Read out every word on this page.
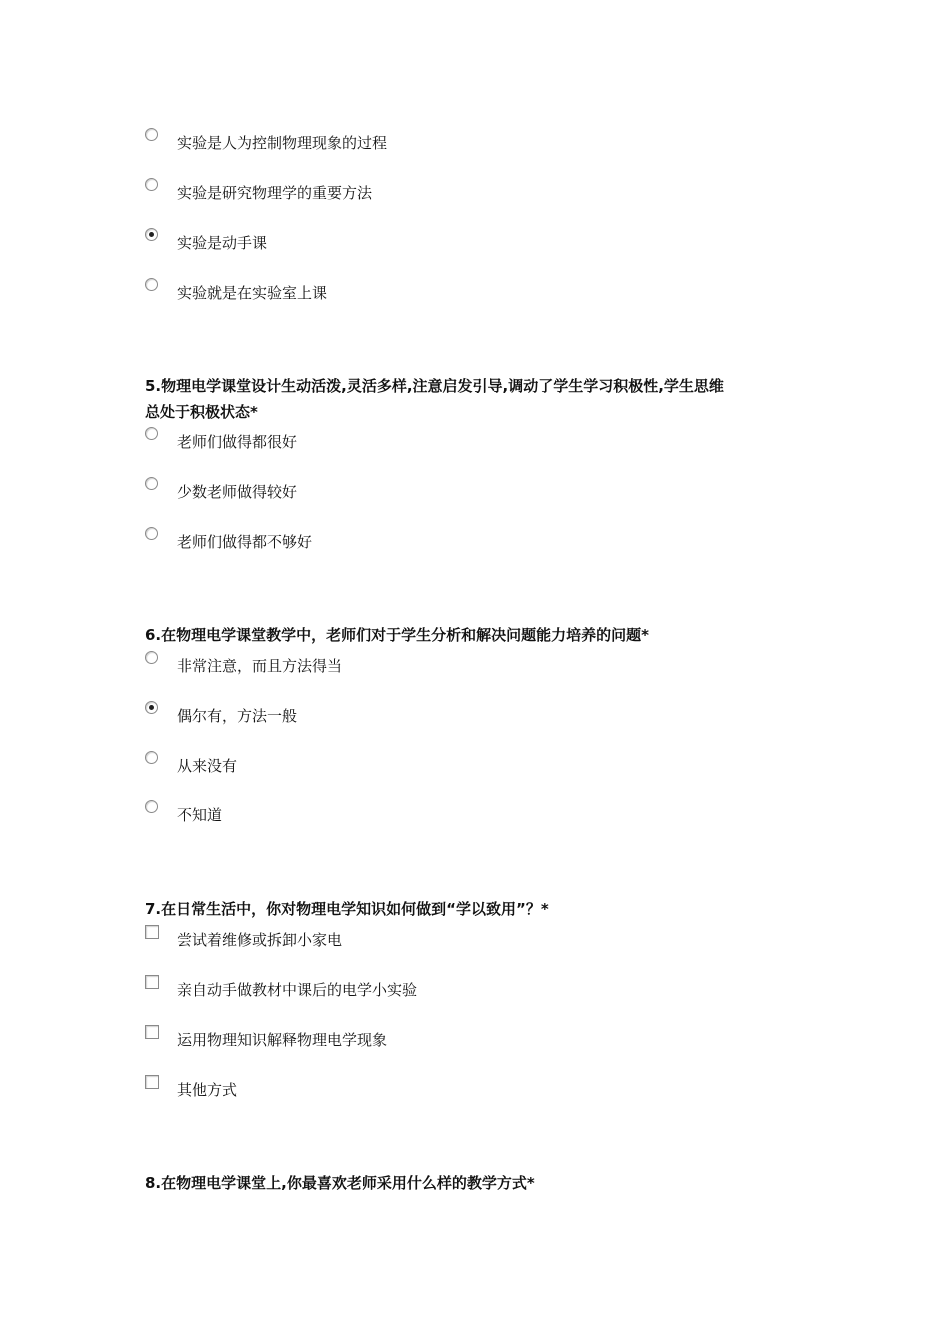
实验是人为控制物理现象的过程
实验是研究物理学的重要方法
实验是动手课
实验就是在实验室上课
5.物理电学课堂设计生动活泼,灵活多样,注意启发引导,调动了学生学习积极性,学生思维
总处于积极状态*
老师们做得都很好
少数老师做得较好
老师们做得都不够好
6.在物理电学课堂教学中，老师们对于学生分析和解决问题能力培养的问题*
非常注意，而且方法得当
偶尔有，方法一般
从来没有
不知道
7.在日常生活中，你对物理电学知识如何做到“学以致用”？*
尝试着维修或拆卸小家电
亲自动手做教材中课后的电学小实验
运用物理知识解释物理电学现象
其他方式
8.在物理电学课堂上,你最喜欢老师采用什么样的教学方式*
